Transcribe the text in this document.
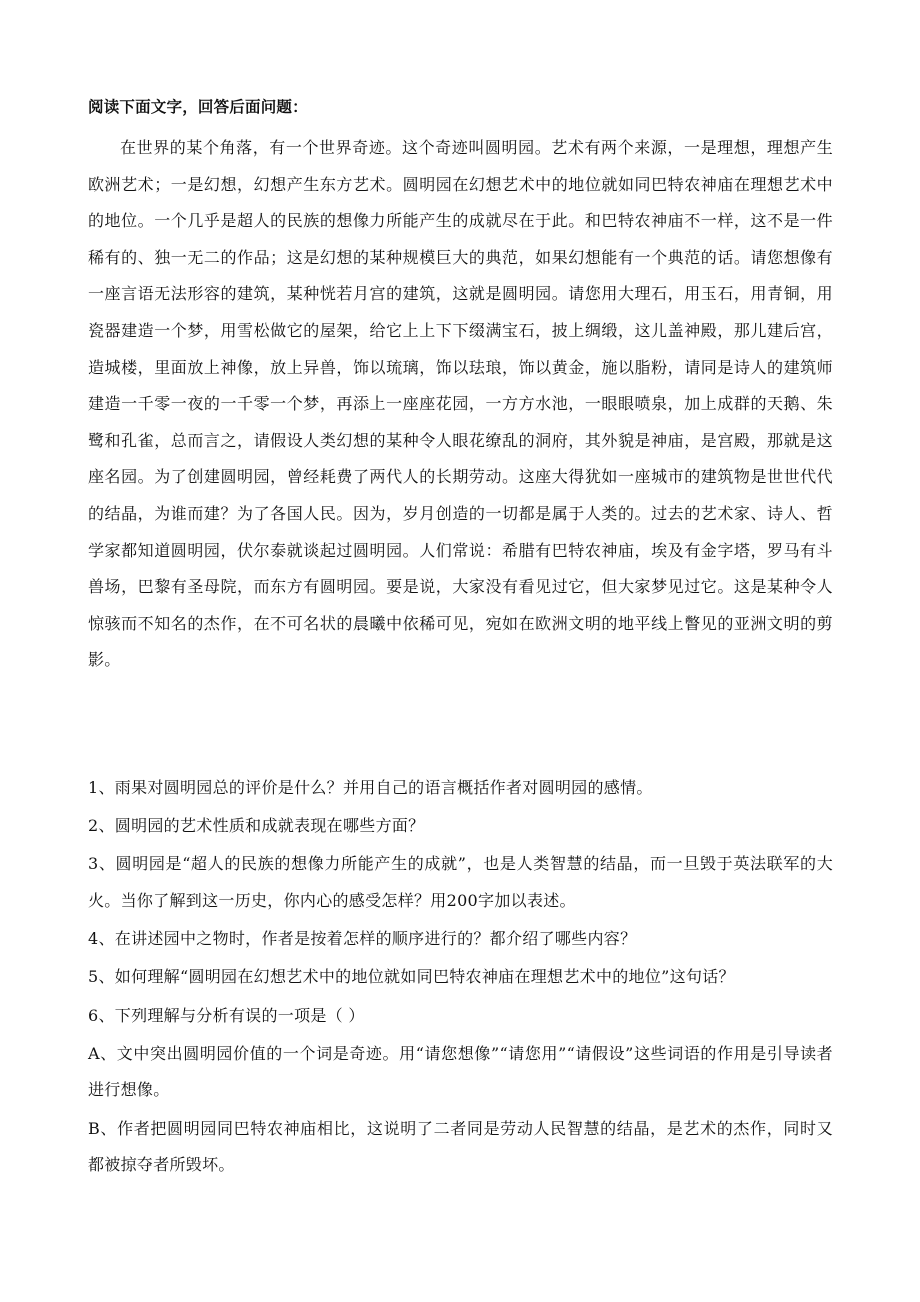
阅读下面文字，回答后面问题：

在世界的某个角落，有一个世界奇迹。这个奇迹叫圆明园。艺术有两个来源，一是理想，理想产生欧洲艺术；一是幻想，幻想产生东方艺术。圆明园在幻想艺术中的地位就如同巴特农神庙在理想艺术中的地位。一个几乎是超人的民族的想像力所能产生的成就尽在于此。和巴特农神庙不一样，这不是一件稀有的、独一无二的作品；这是幻想的某种规模巨大的典范，如果幻想能有一个典范的话。请您想像有一座言语无法形容的建筑，某种恍若月宫的建筑，这就是圆明园。请您用大理石，用玉石，用青铜，用瓷器建造一个梦，用雪松做它的屋架，给它上上下下缀满宝石，披上绸缎，这儿盖神殿，那儿建后宫，造城楼，里面放上神像，放上异兽，饰以琉璃，饰以珐琅，饰以黄金，施以脂粉，请同是诗人的建筑师建造一千零一夜的一千零一个梦，再添上一座座花园，一方方水池，一眼眼喷泉，加上成群的天鹅、朱鹭和孔雀，总而言之，请假设人类幻想的某种令人眼花缭乱的洞府，其外貌是神庙，是宫殿，那就是这座名园。为了创建圆明园，曾经耗费了两代人的长期劳动。这座大得犹如一座城市的建筑物是世世代代的结晶，为谁而建？为了各国人民。因为，岁月创造的一切都是属于人类的。过去的艺术家、诗人、哲学家都知道圆明园，伏尔泰就谈起过圆明园。人们常说：希腊有巴特农神庙，埃及有金字塔，罗马有斗兽场，巴黎有圣母院，而东方有圆明园。要是说，大家没有看见过它，但大家梦见过它。这是某种令人惊骇而不知名的杰作，在不可名状的晨曦中依稀可见，宛如在欧洲文明的地平线上瞥见的亚洲文明的剪影。

1、雨果对圆明园总的评价是什么？并用自己的语言概括作者对圆明园的感情。
2、圆明园的艺术性质和成就表现在哪些方面？
3、圆明园是“超人的民族的想像力所能产生的成就”，也是人类智慧的结晶，而一旦毁于英法联军的大火。当你了解到这一历史，你内心的感受怎样？用200字加以表述。
4、在讲述园中之物时，作者是按着怎样的顺序进行的？都介绍了哪些内容？
5、如何理解“圆明园在幻想艺术中的地位就如同巴特农神庙在理想艺术中的地位”这句话？
6、下列理解与分析有误的一项是（ ）
A、文中突出圆明园价值的一个词是奇迹。用“请您想像”“请您用”“请假设”这些词语的作用是引导读者进行想像。
B、作者把圆明园同巴特农神庙相比，这说明了二者同是劳动人民智慧的结晶，是艺术的杰作，同时又都被掠夺者所毁坏。
